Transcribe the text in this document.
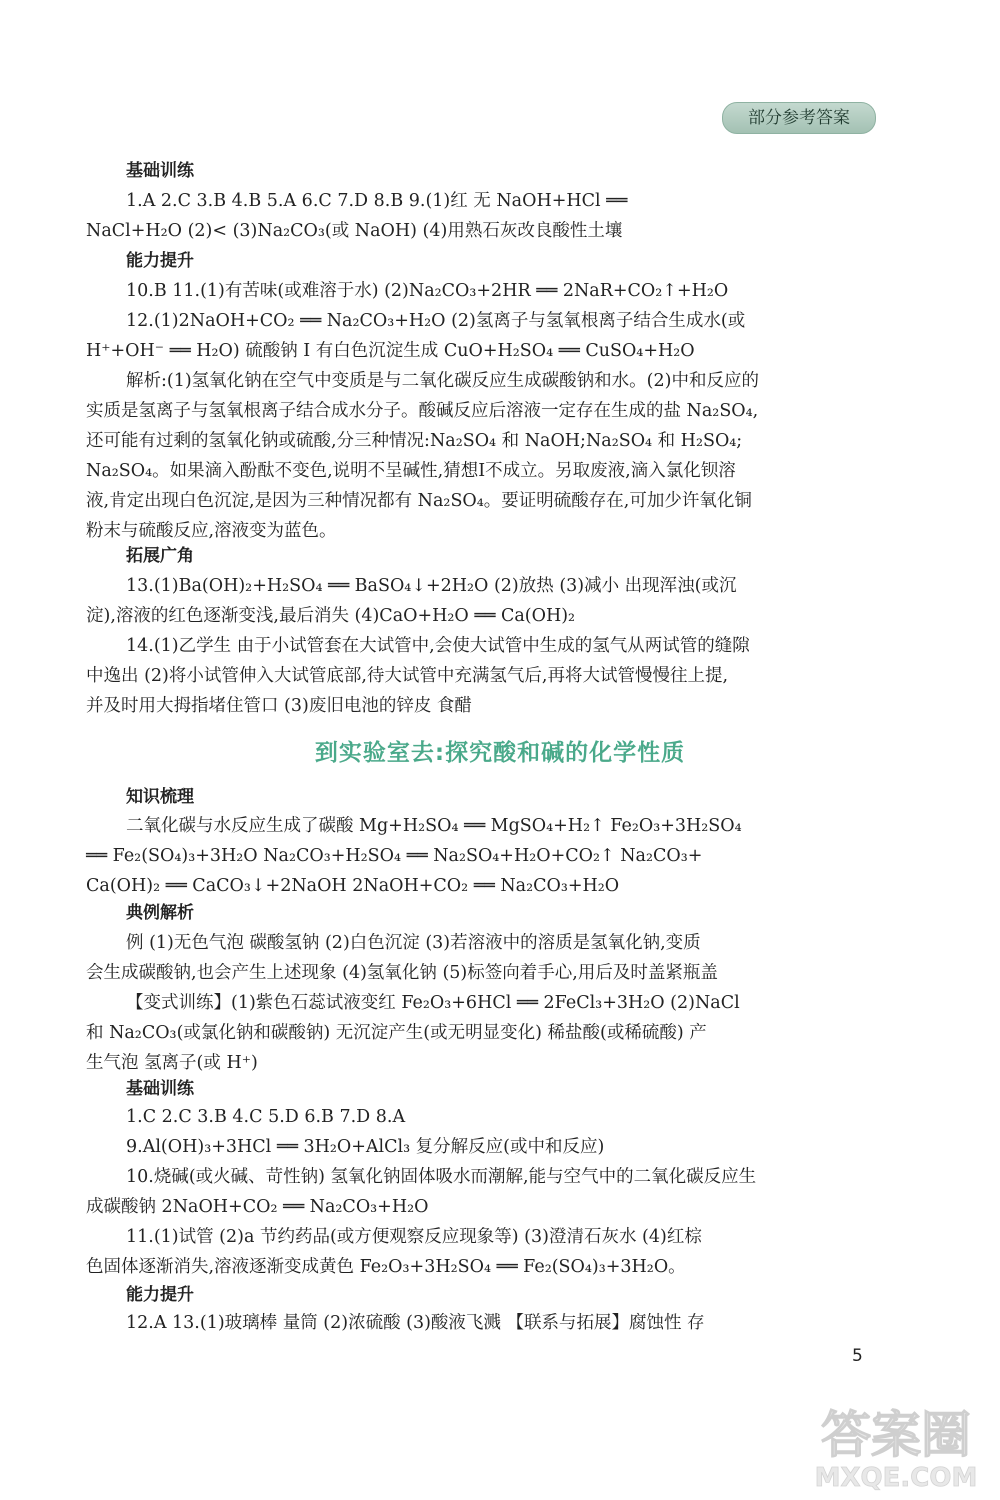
部分参考答案
基础训练
1.A 2.C 3.B 4.B 5.A 6.C 7.D 8.B 9.(1)红 无 NaOH+HCl ══
NaCl+H₂O (2)< (3)Na₂CO₃(或 NaOH) (4)用熟石灰改良酸性土壤
能力提升
10.B 11.(1)有苦味(或难溶于水) (2)Na₂CO₃+2HR ══ 2NaR+CO₂↑+H₂O
12.(1)2NaOH+CO₂ ══ Na₂CO₃+H₂O (2)氢离子与氢氧根离子结合生成水(或
H⁺+OH⁻ ══ H₂O) 硫酸钠 Ⅰ 有白色沉淀生成 CuO+H₂SO₄ ══ CuSO₄+H₂O
解析:(1)氢氧化钠在空气中变质是与二氧化碳反应生成碳酸钠和水。(2)中和反应的
实质是氢离子与氢氧根离子结合成水分子。酸碱反应后溶液一定存在生成的盐 Na₂SO₄,
还可能有过剩的氢氧化钠或硫酸,分三种情况:Na₂SO₄ 和 NaOH;Na₂SO₄ 和 H₂SO₄;
Na₂SO₄。如果滴入酚酞不变色,说明不呈碱性,猜想Ⅰ不成立。另取废液,滴入氯化钡溶
液,肯定出现白色沉淀,是因为三种情况都有 Na₂SO₄。要证明硫酸存在,可加少许氧化铜
粉末与硫酸反应,溶液变为蓝色。
拓展广角
13.(1)Ba(OH)₂+H₂SO₄ ══ BaSO₄↓+2H₂O (2)放热 (3)减小 出现浑浊(或沉
淀),溶液的红色逐渐变浅,最后消失 (4)CaO+H₂O ══ Ca(OH)₂
14.(1)乙学生 由于小试管套在大试管中,会使大试管中生成的氢气从两试管的缝隙
中逸出 (2)将小试管伸入大试管底部,待大试管中充满氢气后,再将大试管慢慢往上提,
并及时用大拇指堵住管口 (3)废旧电池的锌皮 食醋
到实验室去:探究酸和碱的化学性质
知识梳理
二氧化碳与水反应生成了碳酸 Mg+H₂SO₄ ══ MgSO₄+H₂↑ Fe₂O₃+3H₂SO₄
══ Fe₂(SO₄)₃+3H₂O Na₂CO₃+H₂SO₄ ══ Na₂SO₄+H₂O+CO₂↑ Na₂CO₃+
Ca(OH)₂ ══ CaCO₃↓+2NaOH 2NaOH+CO₂ ══ Na₂CO₃+H₂O
典例解析
例 (1)无色气泡 碳酸氢钠 (2)白色沉淀 (3)若溶液中的溶质是氢氧化钠,变质
会生成碳酸钠,也会产生上述现象 (4)氢氧化钠 (5)标签向着手心,用后及时盖紧瓶盖
【变式训练】(1)紫色石蕊试液变红 Fe₂O₃+6HCl ══ 2FeCl₃+3H₂O (2)NaCl
和 Na₂CO₃(或氯化钠和碳酸钠) 无沉淀产生(或无明显变化) 稀盐酸(或稀硫酸) 产
生气泡 氢离子(或 H⁺)
基础训练
1.C 2.C 3.B 4.C 5.D 6.B 7.D 8.A
9.Al(OH)₃+3HCl ══ 3H₂O+AlCl₃ 复分解反应(或中和反应)
10.烧碱(或火碱、苛性钠) 氢氧化钠固体吸水而潮解,能与空气中的二氧化碳反应生
成碳酸钠 2NaOH+CO₂ ══ Na₂CO₃+H₂O
11.(1)试管 (2)a 节约药品(或方便观察反应现象等) (3)澄清石灰水 (4)红棕
色固体逐渐消失,溶液逐渐变成黄色 Fe₂O₃+3H₂SO₄ ══ Fe₂(SO₄)₃+3H₂O。
能力提升
12.A 13.(1)玻璃棒 量筒 (2)浓硫酸 (3)酸液飞溅 【联系与拓展】腐蚀性 存
5
答案圈
MXQE.COM
